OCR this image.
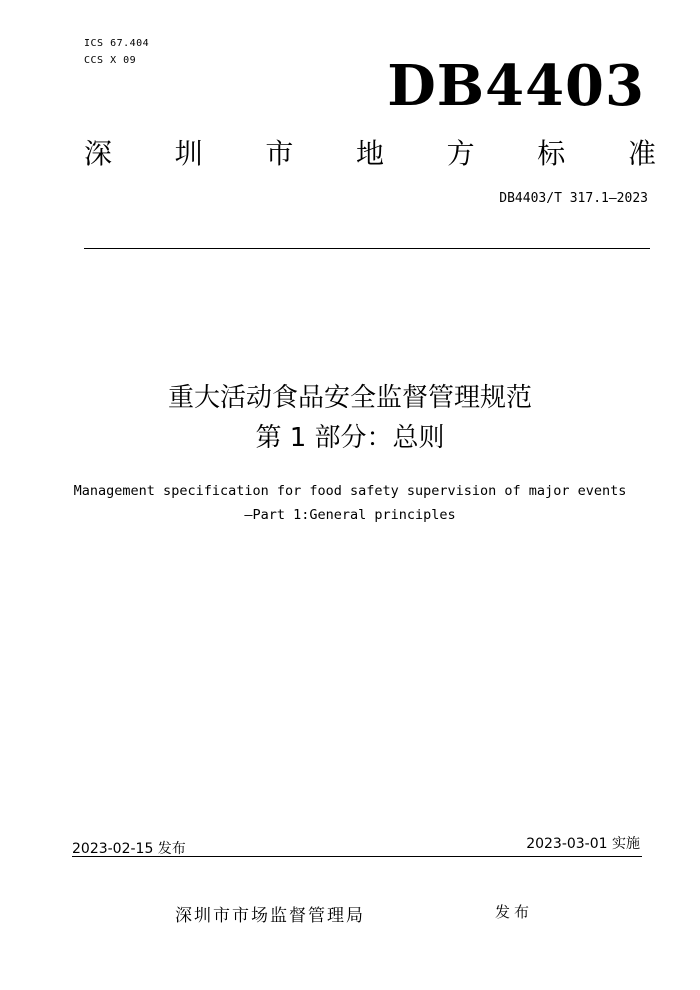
ICS 67.404
CCS X 09	DB4403
深 圳 市 地 方 标 准
DB4403/T 317.1—2023
重大活动食品安全监督管理规范
第 1 部分：总则
Management specification for food safety supervision of major events
—Part 1:General principles
2023-02-15 发布	2023-03-01 实施
深圳市市场监督管理局	发布
